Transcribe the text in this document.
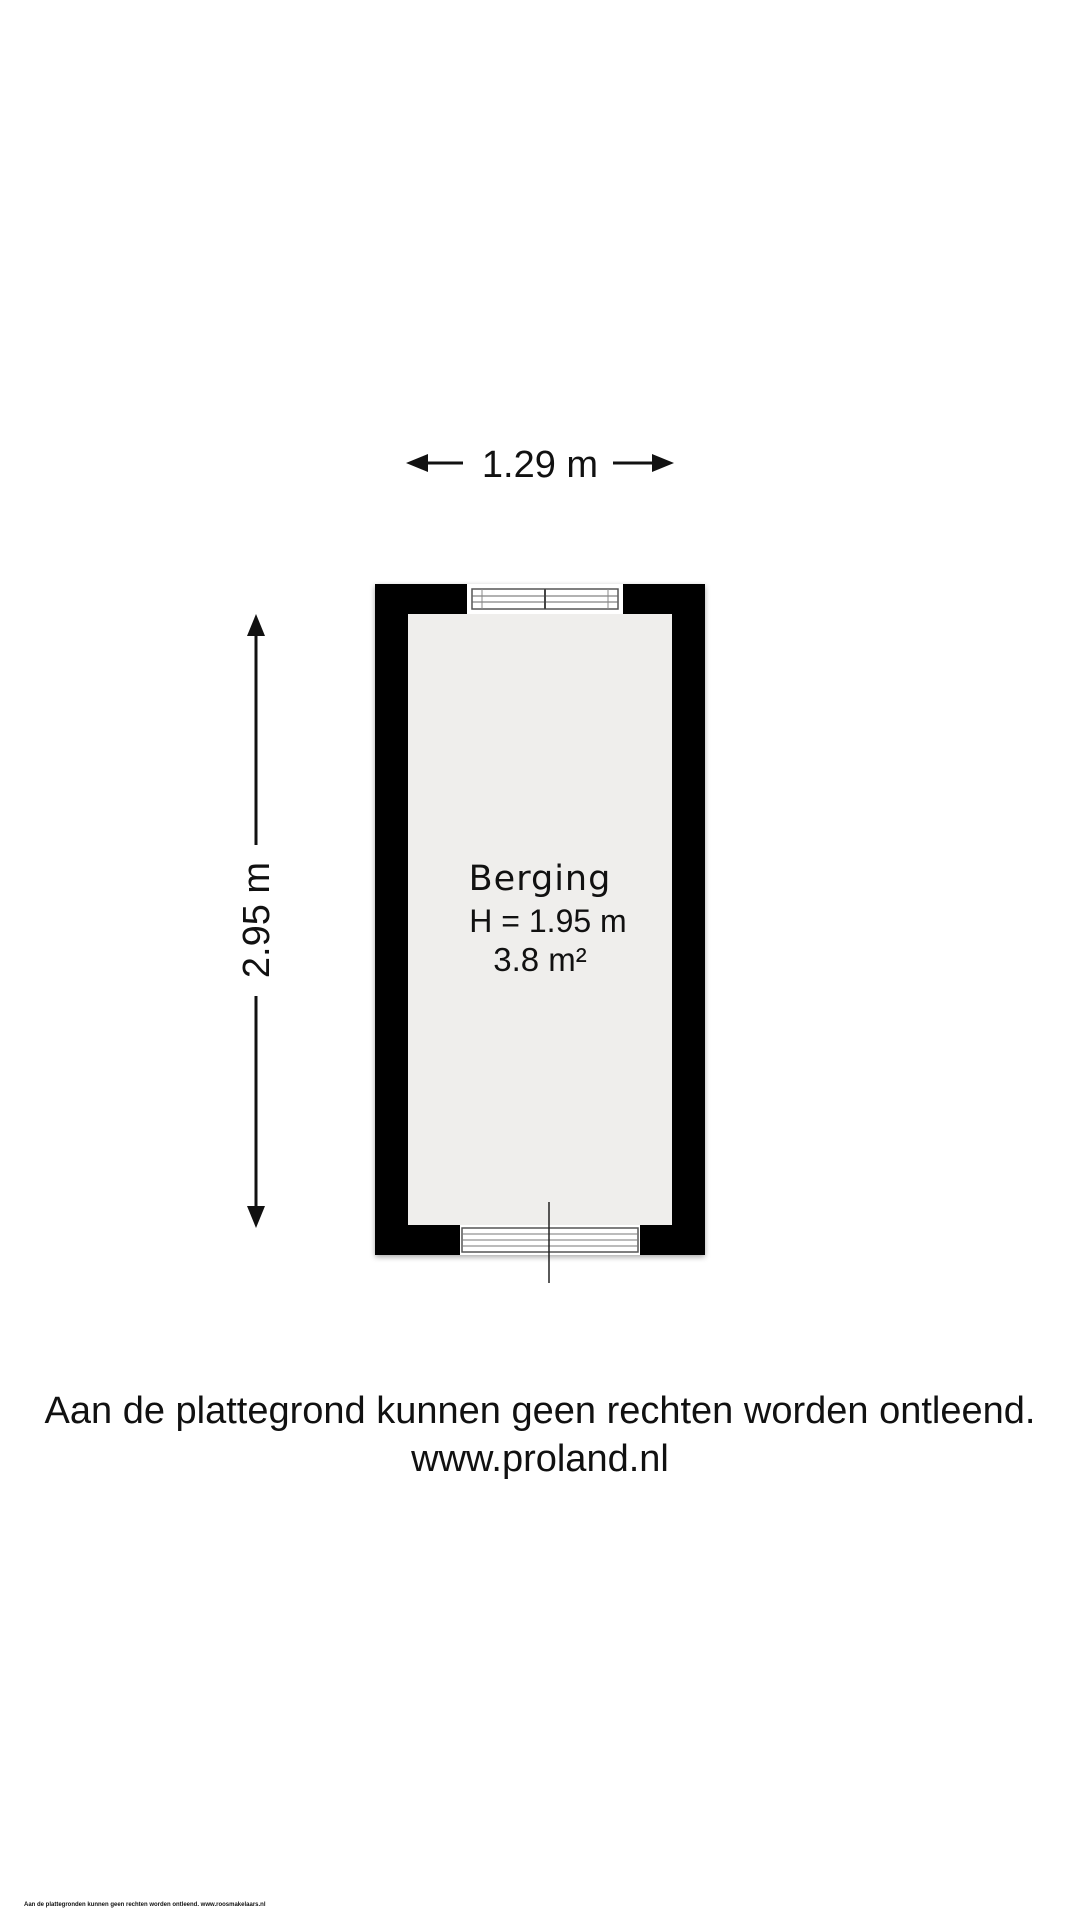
1.29 m
2.95 m	Berging
H = 1.95 m
3.8 m²
Aan de plattegrond kunnen geen rechten worden ontleend.
www.proland.nl
Aan de plattegronden kunnen geen rechten worden ontleend. www.roosmakelaars.nl
